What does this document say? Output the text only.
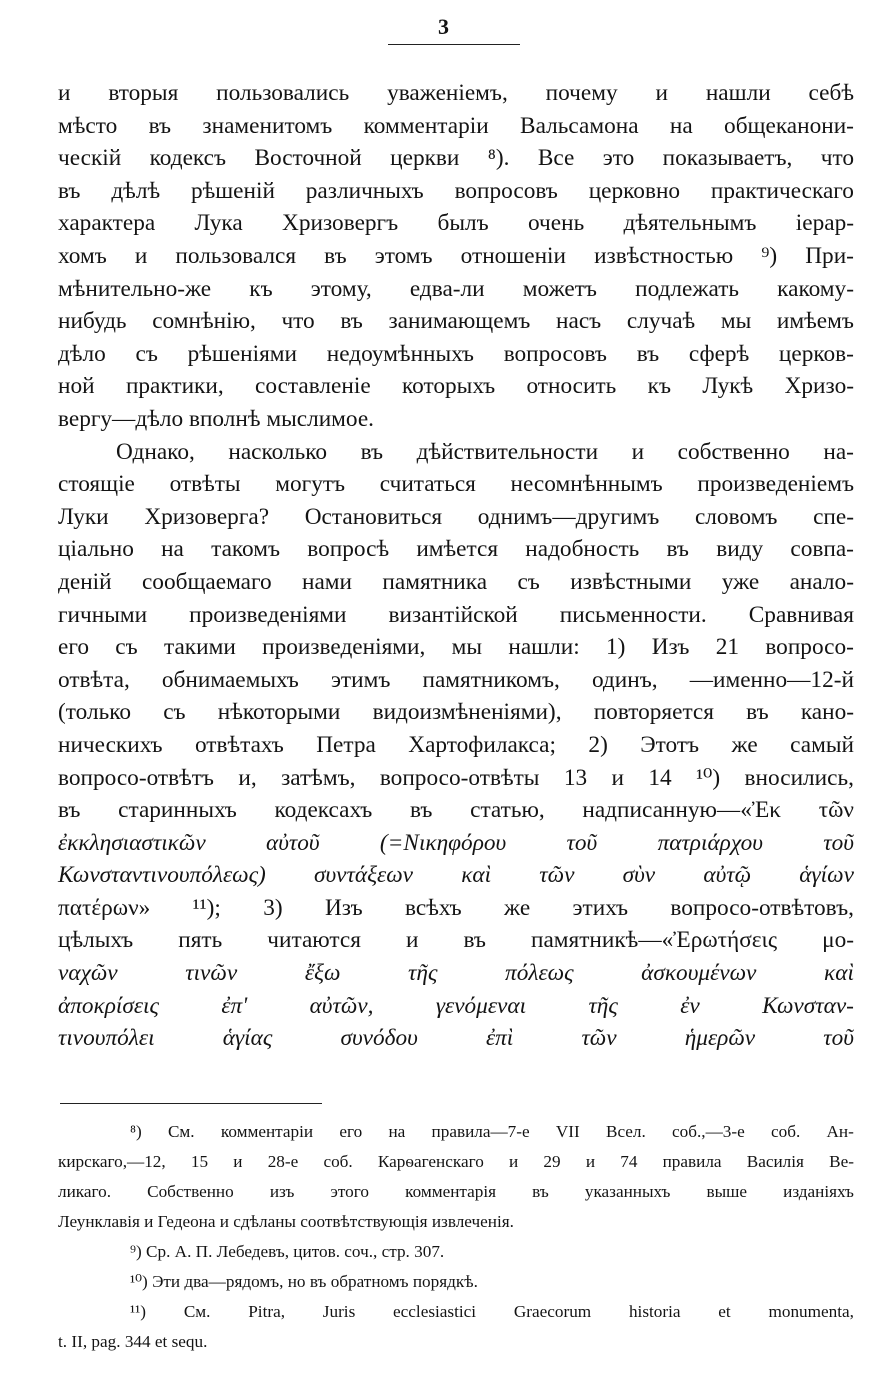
3
и вторыя пользовались уваженіемъ, почему и нашли себѣ
мѣсто въ знаменитомъ комментаріи Вальсамона на общеканони-
ческій кодексъ Восточной церкви ⁸). Все это показываетъ, что
въ дѣлѣ рѣшеній различныхъ вопросовъ церковно практическаго
характера Лука Хризовергъ былъ очень дѣятельнымъ іерар-
хомъ и пользовался въ этомъ отношеніи извѣстностью ⁹) При-
мѣнительно-же къ этому, едва-ли можетъ подлежать какому-
нибудь сомнѣнію, что въ занимающемъ насъ случаѣ мы имѣемъ
дѣло съ рѣшеніями недоумѣнныхъ вопросовъ въ сферѣ церков-
ной практики, составленіе которыхъ относить къ Лукѣ Хризо-
вергу—дѣло вполнѣ мыслимое.
Однако, насколько въ дѣйствительности и собственно на-
стоящіе отвѣты могутъ считаться несомнѣннымъ произведеніемъ
Луки Хризоверга? Остановиться однимъ—другимъ словомъ спе-
ціально на такомъ вопросѣ имѣется надобность въ виду совпа-
деній сообщаемаго нами памятника съ извѣстными уже анало-
гичными произведеніями византійской письменности. Сравнивая
его съ такими произведеніями, мы нашли: 1) Изъ 21 вопросо-
отвѣта, обнимаемыхъ этимъ памятникомъ, одинъ, —именно—12-й
(только съ нѣкоторыми видоизмѣненіями), повторяется въ кано-
ническихъ отвѣтахъ Петра Хартофилакса; 2) Этотъ же самый
вопросо-отвѣтъ и, затѣмъ, вопросо-отвѣты 13 и 14 ¹⁰) вносились,
въ старинныхъ кодексахъ въ статью, надписанную—«Ἐκ τῶν
ἐκκλησιαστικῶν	αὐτοῦ	(=Νικηφόρου	τοῦ	πατριάρχου	τοῦ
Κωνσταντινουπόλεως) συντάξεων καὶ τῶν σὺν αὐτῷ ἁγίων
πατέρων» ¹¹); 3) Изъ всѣхъ же этихъ вопросо-отвѣтовъ,
цѣлыхъ пять читаются и въ памятникѣ—«Ἐρωτήσεις μο-
ναχῶν	τινῶν	ἔξω	τῆς	πόλεως	ἀσκουμένων	καὶ
ἀποκρίσεις	ἐπ'	αὐτῶν,	γενόμεναι	τῆς	ἐν	Κωνσταν-
τινουπόλει	ἁγίας	συνόδου	ἐπὶ	τῶν	ἡμερῶν	τοῦ
⁸) См. комментаріи его на правила—7-е VII Всел. соб.,—3-е соб. Ан-
кирскаго,—12, 15 и 28-е соб. Карѳагенскаго и 29 и 74 правила Василія Ве-
ликаго. Собственно изъ этого комментарія въ указанныхъ выше изданіяхъ
Леунклавія и Гедеона и сдѣланы соотвѣтствующія извлеченія.
⁹) Ср. А. П. Лебедевъ, цитов. соч., стр. 307.
¹⁰) Эти два—рядомъ, но въ обратномъ порядкѣ.
¹¹) См. Pitra, Juris ecclesiastici Graecorum historia et monumenta,
t. II, pag. 344 et sequ.
